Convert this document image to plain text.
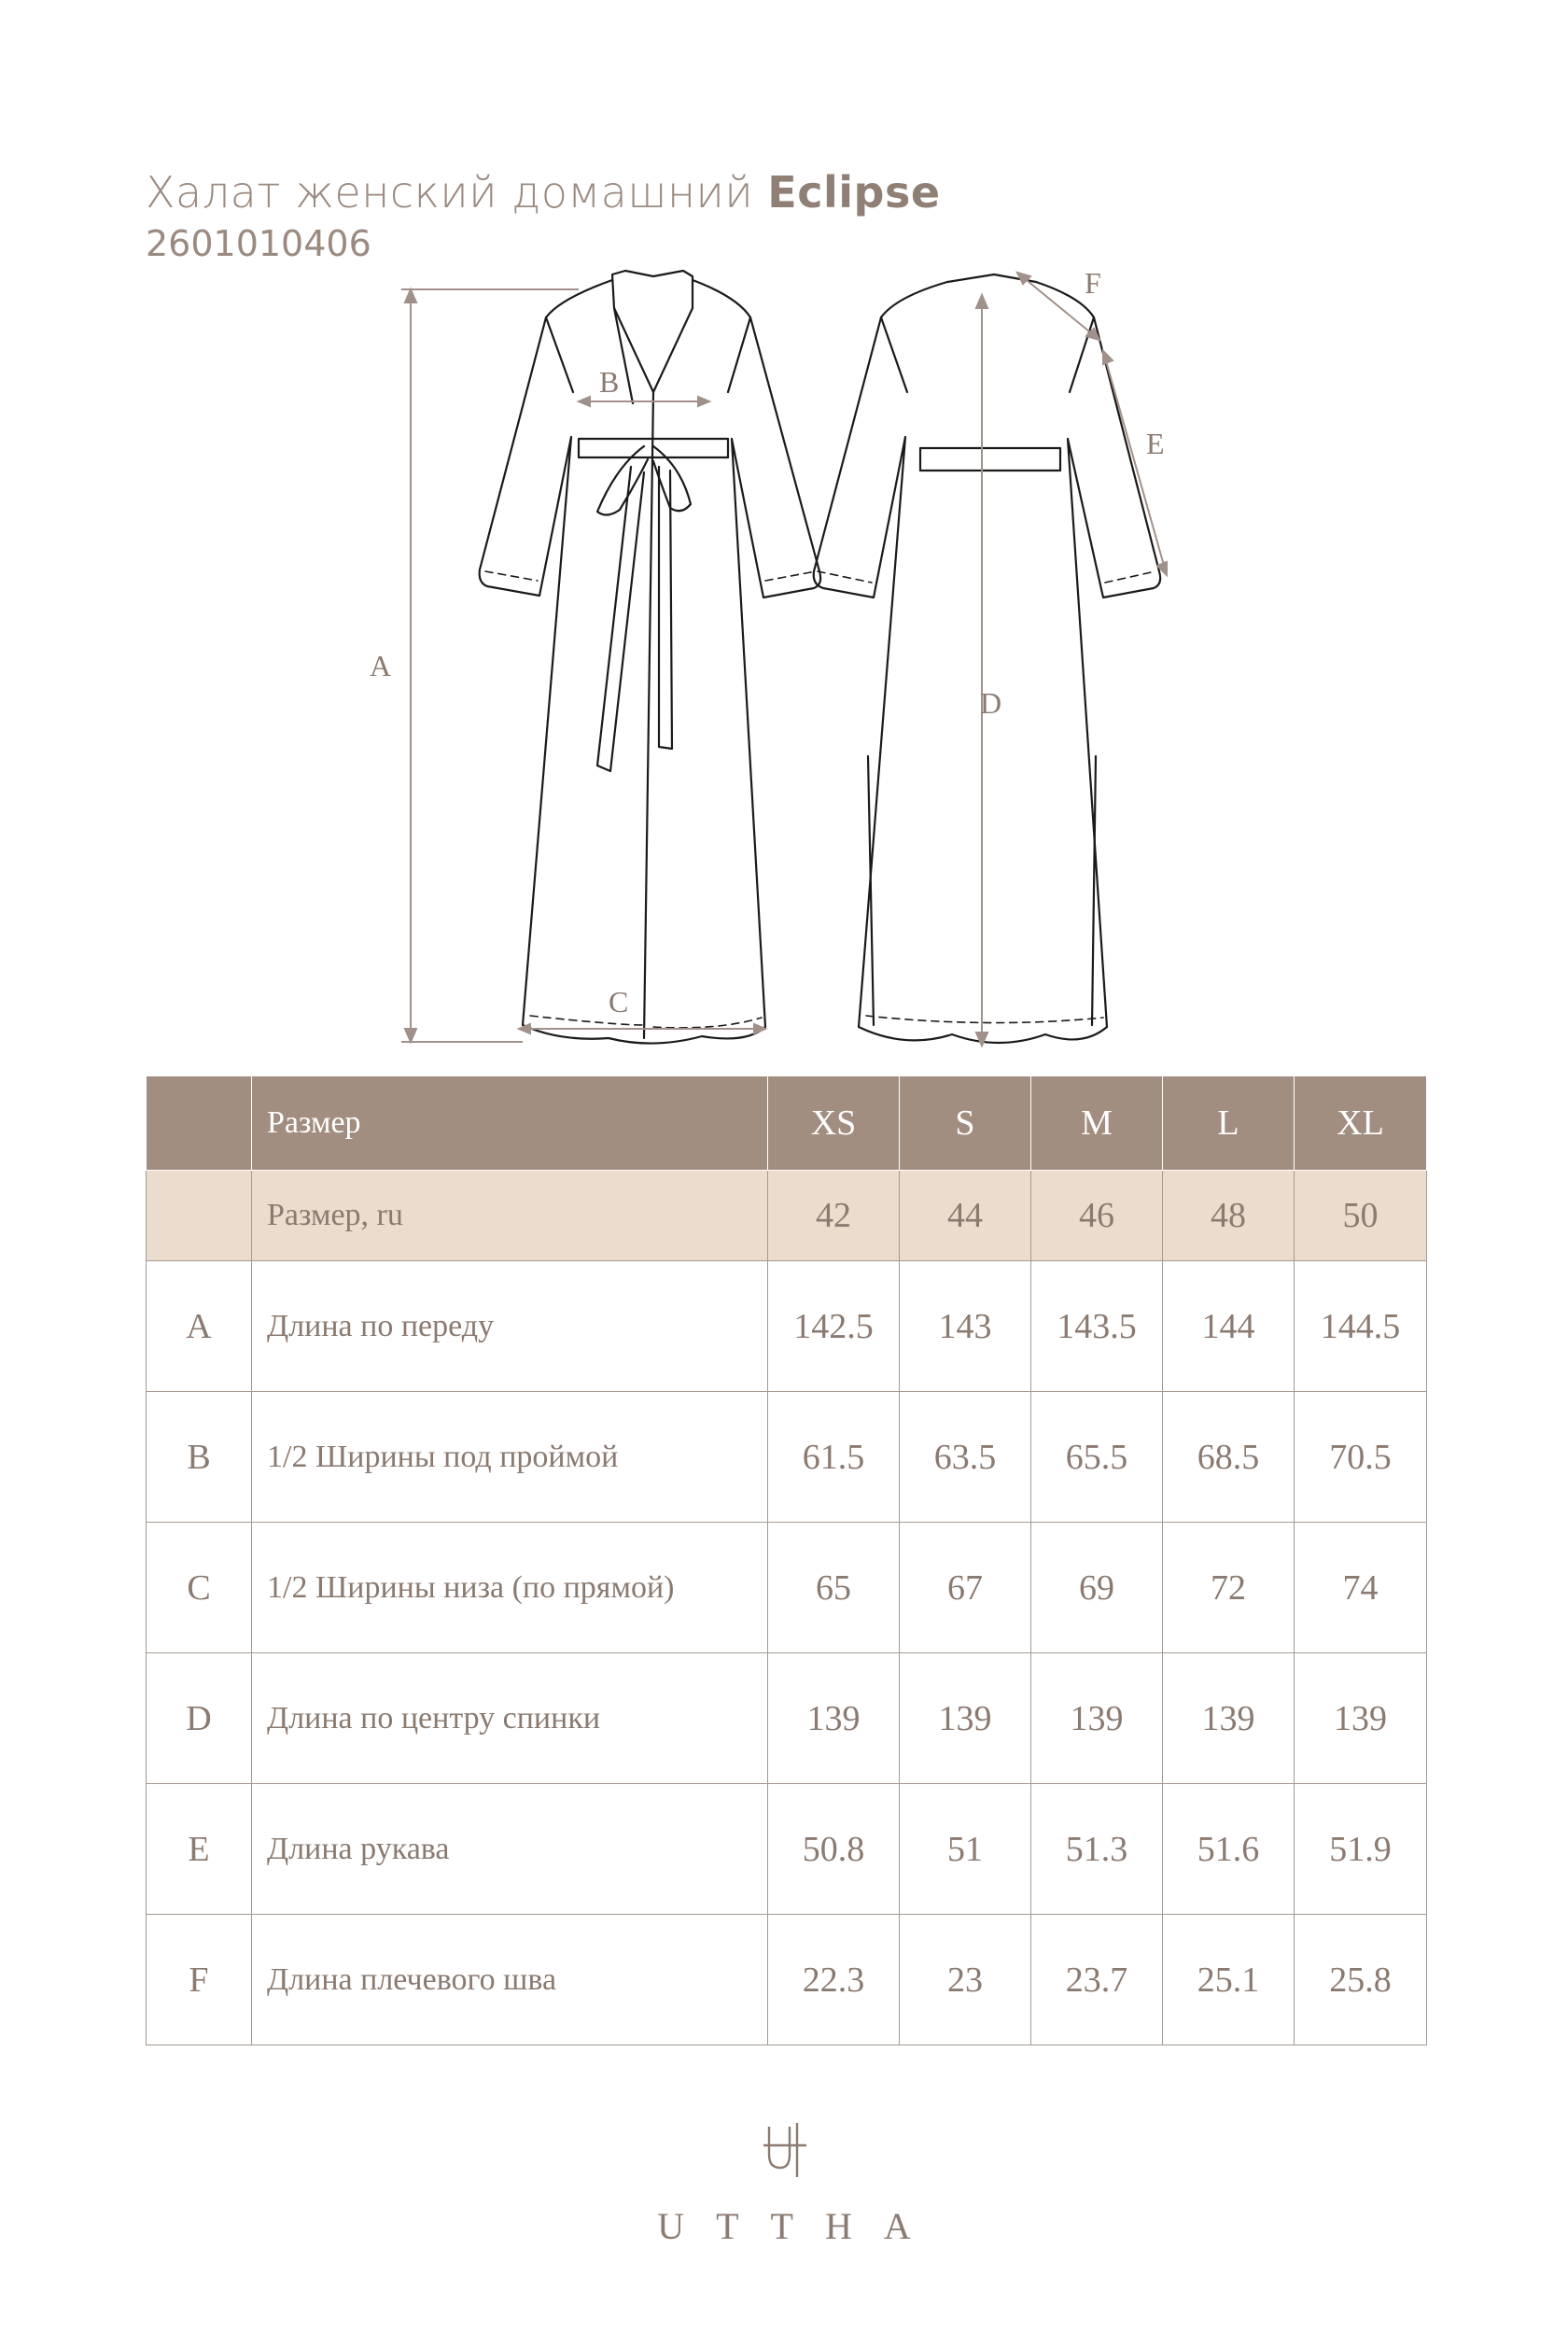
Халат женский домашний Eclipse

2601010406

A
B
C
D
E
F
	Размер	XS	S	M	L	XL
	Размер, ru	42	44	46	48	50
A	Длина по переду	142.5	143	143.5	144	144.5
B	1/2 Ширины под проймой	61.5	63.5	65.5	68.5	70.5
C	1/2 Ширины низа (по прямой)	65	67	69	72	74
D	Длина по центру спинки	139	139	139	139	139
E	Длина рукава	50.8	51	51.3	51.6	51.9
F	Длина плечевого шва	22.3	23	23.7	25.1	25.8
UTTHA
